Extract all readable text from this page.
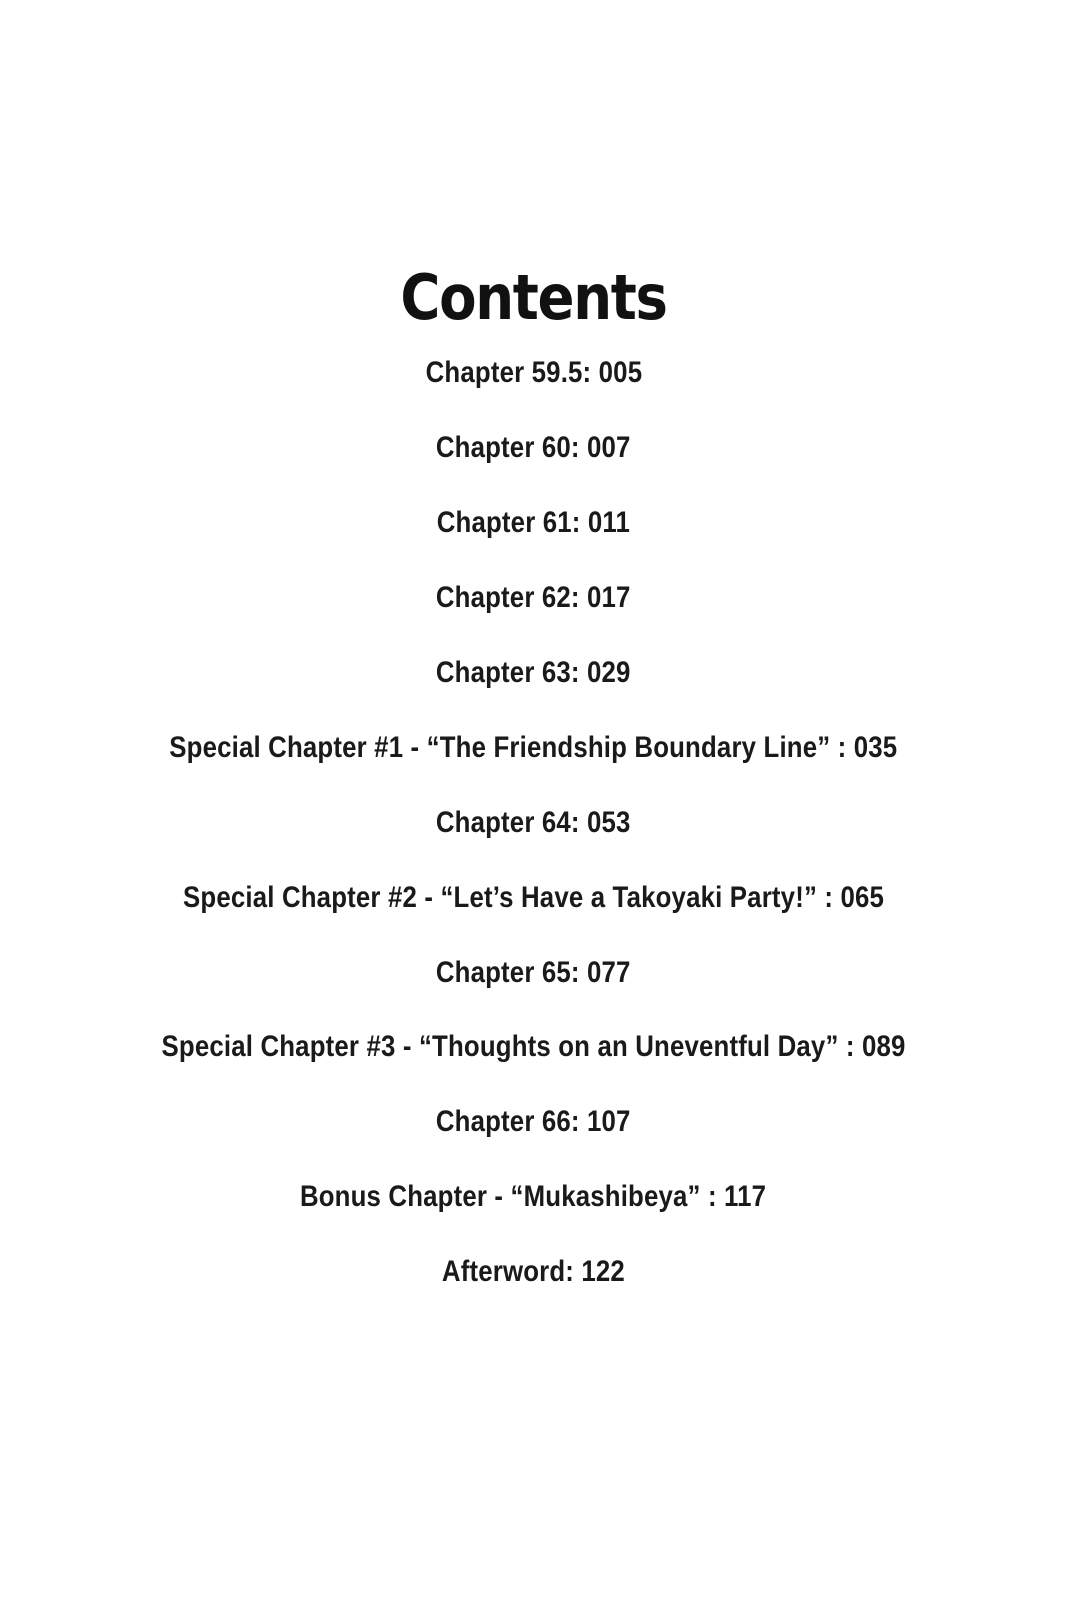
Contents
Chapter 59.5: 005
Chapter 60: 007
Chapter 61: 011
Chapter 62: 017
Chapter 63: 029
Special Chapter #1 - “The Friendship Boundary Line” : 035
Chapter 64: 053
Special Chapter #2 - “Let’s Have a Takoyaki Party!” : 065
Chapter 65: 077
Special Chapter #3 - “Thoughts on an Uneventful Day” : 089
Chapter 66: 107
Bonus Chapter - “Mukashibeya” : 117
Afterword: 122
